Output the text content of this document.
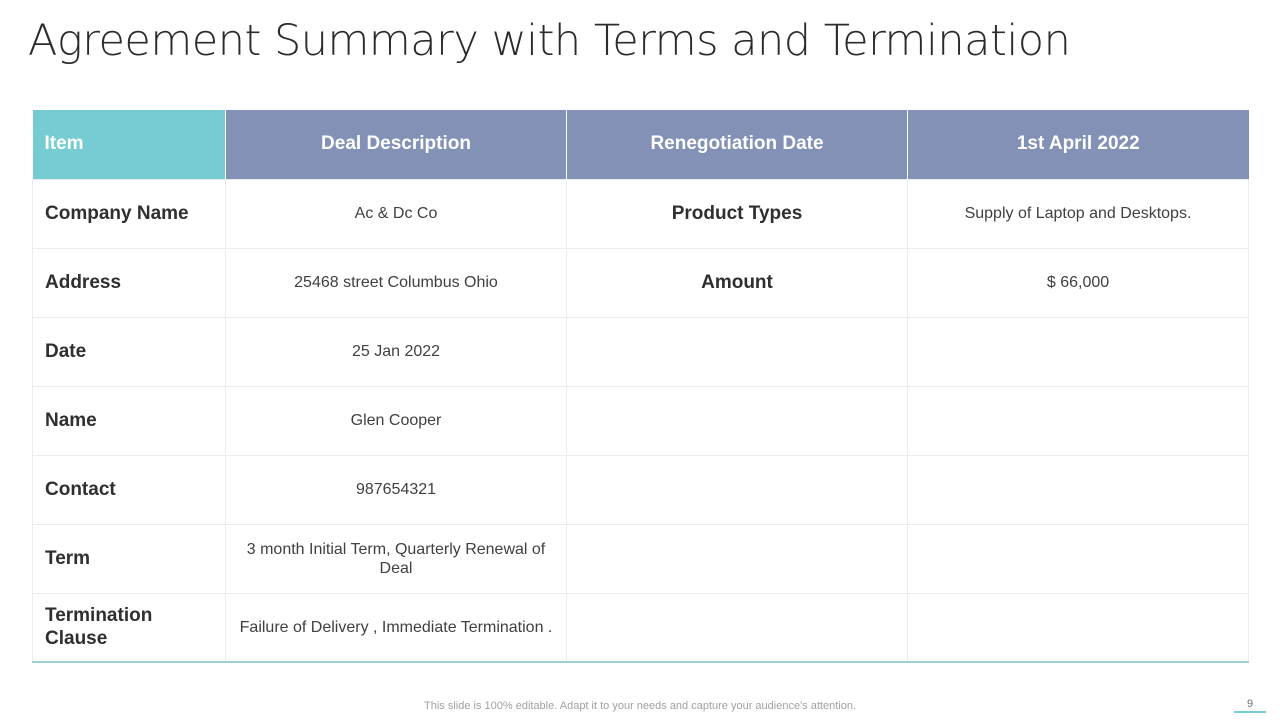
Agreement Summary with Terms and Termination
Item	Deal Description	Renegotiation Date	1st April 2022
Company Name	Ac & Dc Co	Product Types	Supply of Laptop and Desktops.
Address	25468 street Columbus Ohio	Amount	$ 66,000
Date	25 Jan 2022		
Name	Glen Cooper		
Contact	987654321		
Term	3 month Initial Term, Quarterly Renewal of Deal		
Termination Clause	Failure of Delivery , Immediate Termination .		
This slide is 100% editable. Adapt it to your needs and capture your audience's attention.	9
